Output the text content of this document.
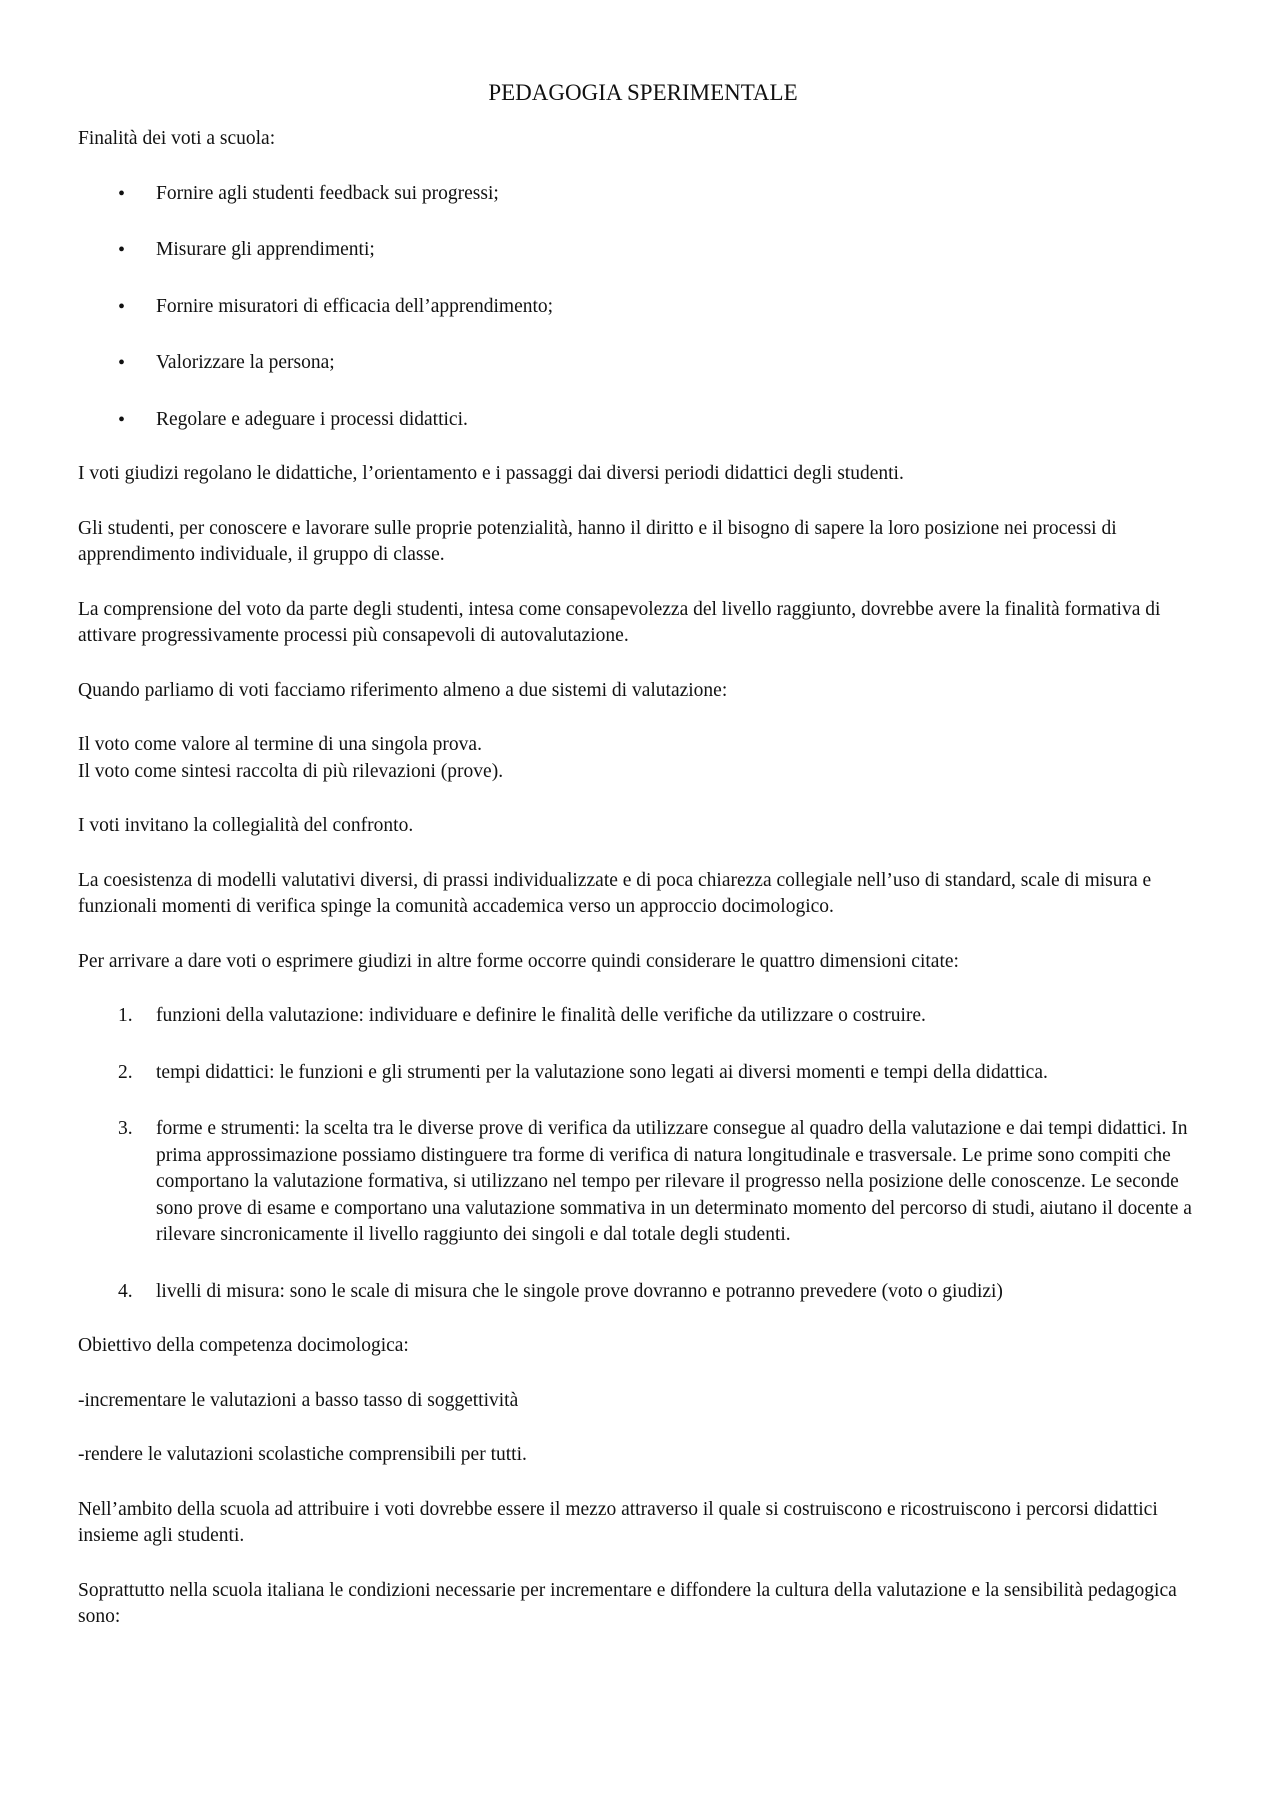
PEDAGOGIA SPERIMENTALE

Finalità dei voti a scuola:

• Fornire agli studenti feedback sui progressi;
• Misurare gli apprendimenti;
• Fornire misuratori di efficacia dell’apprendimento;
• Valorizzare la persona;
• Regolare e adeguare i processi didattici.

I voti giudizi regolano le didattiche, l’orientamento e i passaggi dai diversi periodi didattici degli studenti.

Gli studenti, per conoscere e lavorare sulle proprie potenzialità, hanno il diritto e il bisogno di sapere la loro posizione nei processi di apprendimento individuale, il gruppo di classe.

La comprensione del voto da parte degli studenti, intesa come consapevolezza del livello raggiunto, dovrebbe avere la finalità formativa di attivare progressivamente processi più consapevoli di autovalutazione.

Quando parliamo di voti facciamo riferimento almeno a due sistemi di valutazione:

Il voto come valore al termine di una singola prova.
Il voto come sintesi raccolta di più rilevazioni (prove).

I voti invitano la collegialità del confronto.

La coesistenza di modelli valutativi diversi, di prassi individualizzate e di poca chiarezza collegiale nell’uso di standard, scale di misura e funzionali momenti di verifica spinge la comunità accademica verso un approccio docimologico.

Per arrivare a dare voti o esprimere giudizi in altre forme occorre quindi considerare le quattro dimensioni citate:

1. funzioni della valutazione: individuare e definire le finalità delle verifiche da utilizzare o costruire.
2. tempi didattici: le funzioni e gli strumenti per la valutazione sono legati ai diversi momenti e tempi della didattica.
3. forme e strumenti: la scelta tra le diverse prove di verifica da utilizzare consegue al quadro della valutazione e dai tempi didattici. In prima approssimazione possiamo distinguere tra forme di verifica di natura longitudinale e trasversale. Le prime sono compiti che comportano la valutazione formativa, si utilizzano nel tempo per rilevare il progresso nella posizione delle conoscenze. Le seconde sono prove di esame e comportano una valutazione sommativa in un determinato momento del percorso di studi, aiutano il docente a rilevare sincronicamente il livello raggiunto dei singoli e dal totale degli studenti.
4. livelli di misura: sono le scale di misura che le singole prove dovranno e potranno prevedere (voto o giudizi)

Obiettivo della competenza docimologica:

-incrementare le valutazioni a basso tasso di soggettività

-rendere le valutazioni scolastiche comprensibili per tutti.

Nell’ambito della scuola ad attribuire i voti dovrebbe essere il mezzo attraverso il quale si costruiscono e ricostruiscono i percorsi didattici insieme agli studenti.

Soprattutto nella scuola italiana le condizioni necessarie per incrementare e diffondere la cultura della valutazione e la sensibilità pedagogica sono:
